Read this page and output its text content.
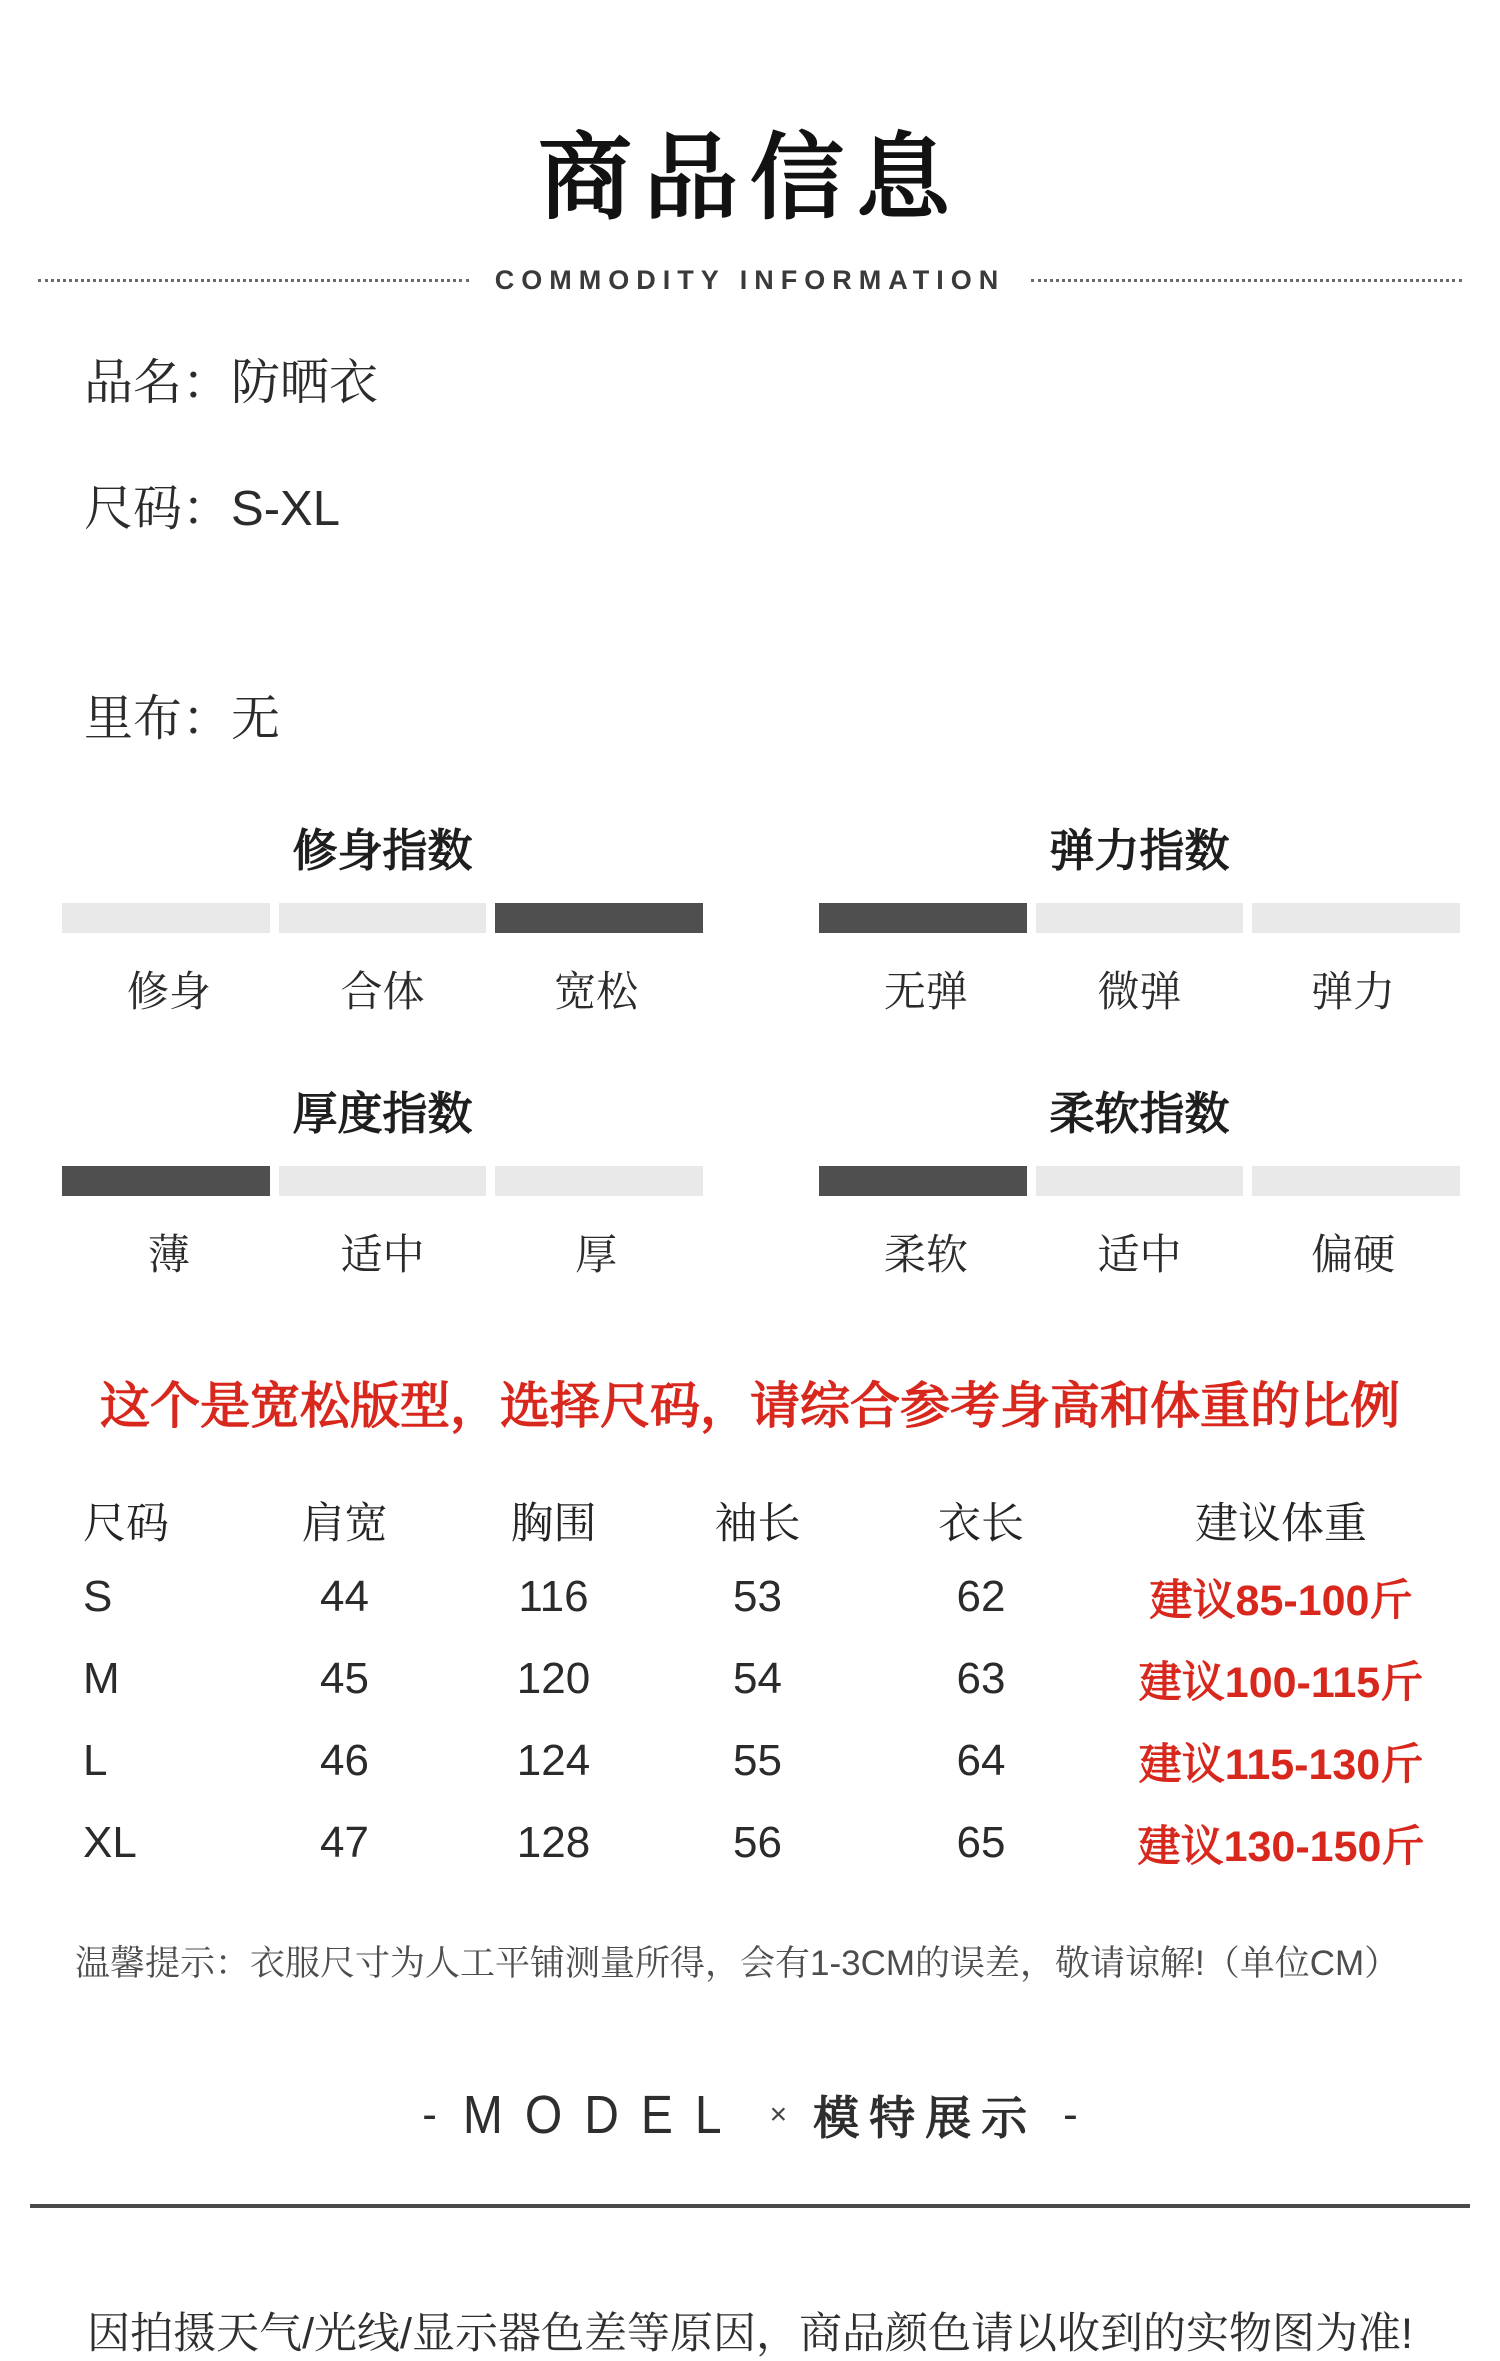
商品信息
COMMODITY INFORMATION
品名：防晒衣
尺码：S-XL
里布：无
修身指数
修身	合体	宽松
弹力指数
无弹	微弹	弹力
厚度指数
薄	适中	厚
柔软指数
柔软	适中	偏硬
这个是宽松版型，选择尺码，请综合参考身高和体重的比例
尺码	肩宽	胸围	袖长	衣长	建议体重
S	44	116	53	62	建议85-100斤
M	45	120	54	63	建议100-115斤
L	46	124	55	64	建议115-130斤
XL	47	128	56	65	建议130-150斤
温馨提示：衣服尺寸为人工平铺测量所得，会有1-3CM的误差，敬请谅解!（单位CM）
- MODEL × 模特展示 -
因拍摄天气/光线/显示器色差等原因，商品颜色请以收到的实物图为准!
